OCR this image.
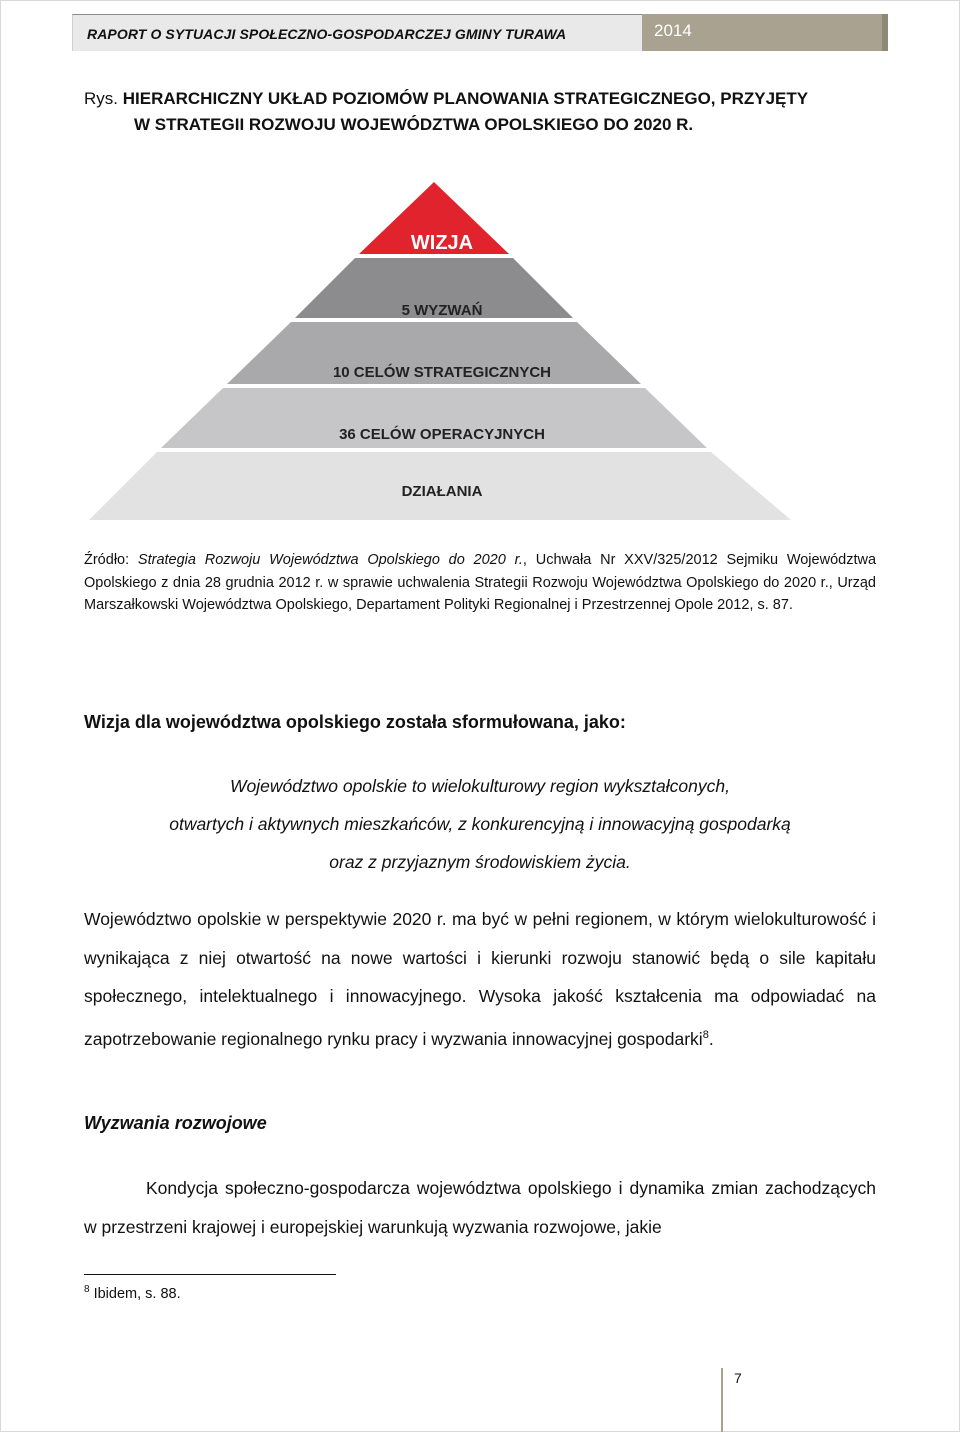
RAPORT O SYTUACJI SPOŁECZNO-GOSPODARCZEJ GMINY TURAWA	2014
Rys. HIERARCHICZNY UKŁAD POZIOMÓW PLANOWANIA STRATEGICZNEGO, PRZYJĘTY
W STRATEGII ROZWOJU WOJEWÓDZTWA OPOLSKIEGO DO 2020 R.
WIZJA
5 WYZWAŃ
10 CELÓW STRATEGICZNYCH
36 CELÓW OPERACYJNYCH
DZIAŁANIA
Źródło: Strategia Rozwoju Województwa Opolskiego do 2020 r., Uchwała Nr XXV/325/2012 Sejmiku Województwa Opolskiego z dnia 28 grudnia 2012 r. w sprawie uchwalenia Strategii Rozwoju Województwa Opolskiego do 2020 r., Urząd Marszałkowski Województwa Opolskiego, Departament Polityki Regionalnej i Przestrzennej Opole 2012, s. 87.
Wizja dla województwa opolskiego została sformułowana, jako:
Województwo opolskie to wielokulturowy region wykształconych,
otwartych i aktywnych mieszkańców, z konkurencyjną i innowacyjną gospodarką
oraz z przyjaznym środowiskiem życia.
Województwo opolskie w perspektywie 2020 r. ma być w pełni regionem, w którym wielokulturowość i wynikająca z niej otwartość na nowe wartości i kierunki rozwoju stanowić będą o sile kapitału społecznego, intelektualnego i innowacyjnego. Wysoka jakość kształcenia ma odpowiadać na zapotrzebowanie regionalnego rynku pracy i wyzwania innowacyjnej gospodarki$^8$.
Wyzwania rozwojowe
Kondycja społeczno-gospodarcza województwa opolskiego i dynamika zmian zachodzących w przestrzeni krajowej i europejskiej warunkują wyzwania rozwojowe, jakie
$^8$ Ibidem, s. 88.
7
